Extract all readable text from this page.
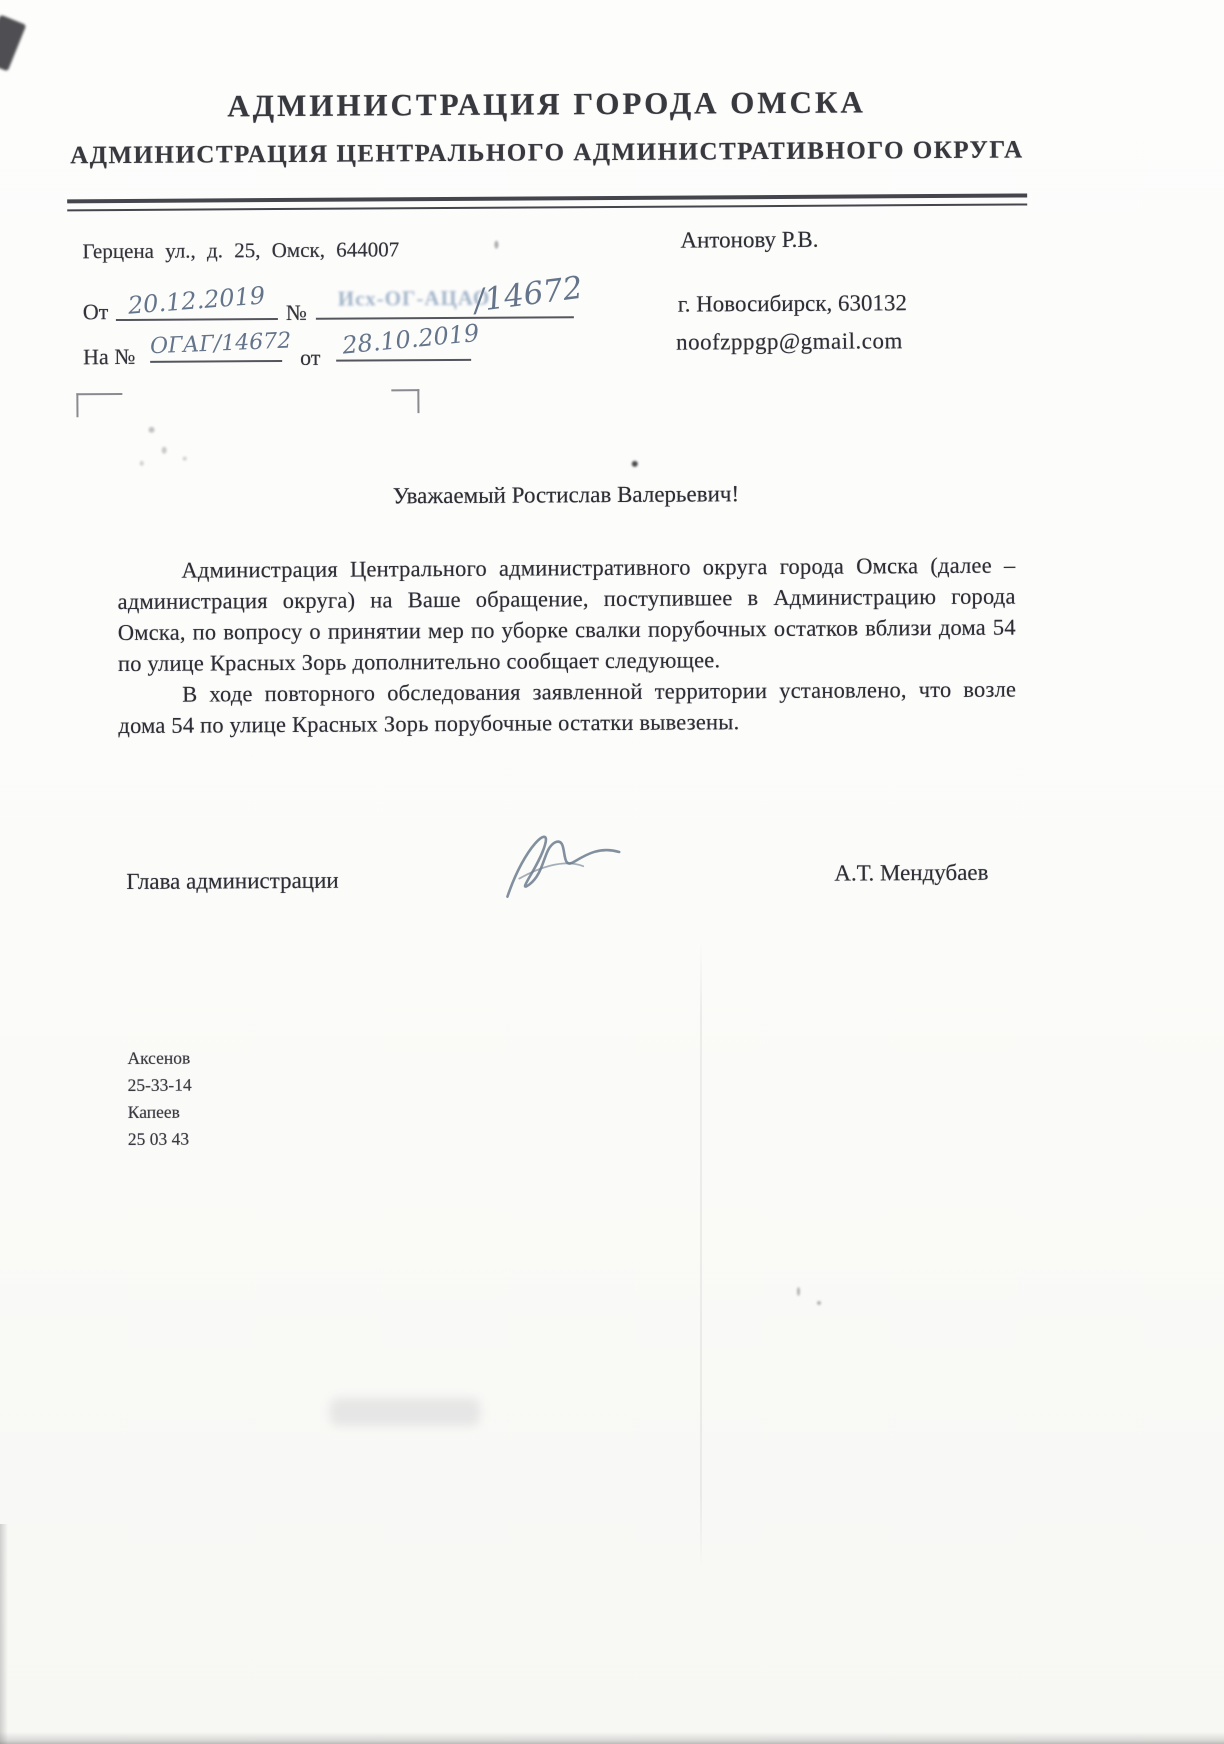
АДМИНИСТРАЦИЯ ГОРОДА ОМСКА
АДМИНИСТРАЦИЯ ЦЕНТРАЛЬНОГО АДМИНИСТРАТИВНОГО ОКРУГА
Герцена ул., д. 25, Омск, 644007	Антонову Р.В.
г. Новосибирск, 630132
noofzppgp@gmail.com
От 20.12.2019 №
Исх-ОГ-АЦАО
/14672
На № ОГАГ/14672 от 28.10.2019
Уважаемый Ростислав Валерьевич!

Администрация Центрального административного округа города Омска (далее – администрация округа) на Ваше обращение, поступившее в Администрацию города Омска, по вопросу о принятии мер по уборке свалки порубочных остатков вблизи дома 54 по улице Красных Зорь дополнительно сообщает следующее.

В ходе повторного обследования заявленной территории установлено, что возле дома 54 по улице Красных Зорь порубочные остатки вывезены.

Глава администрации	А.Т. Мендубаев
Аксенов
25-33-14
Капеев
25 03 43
